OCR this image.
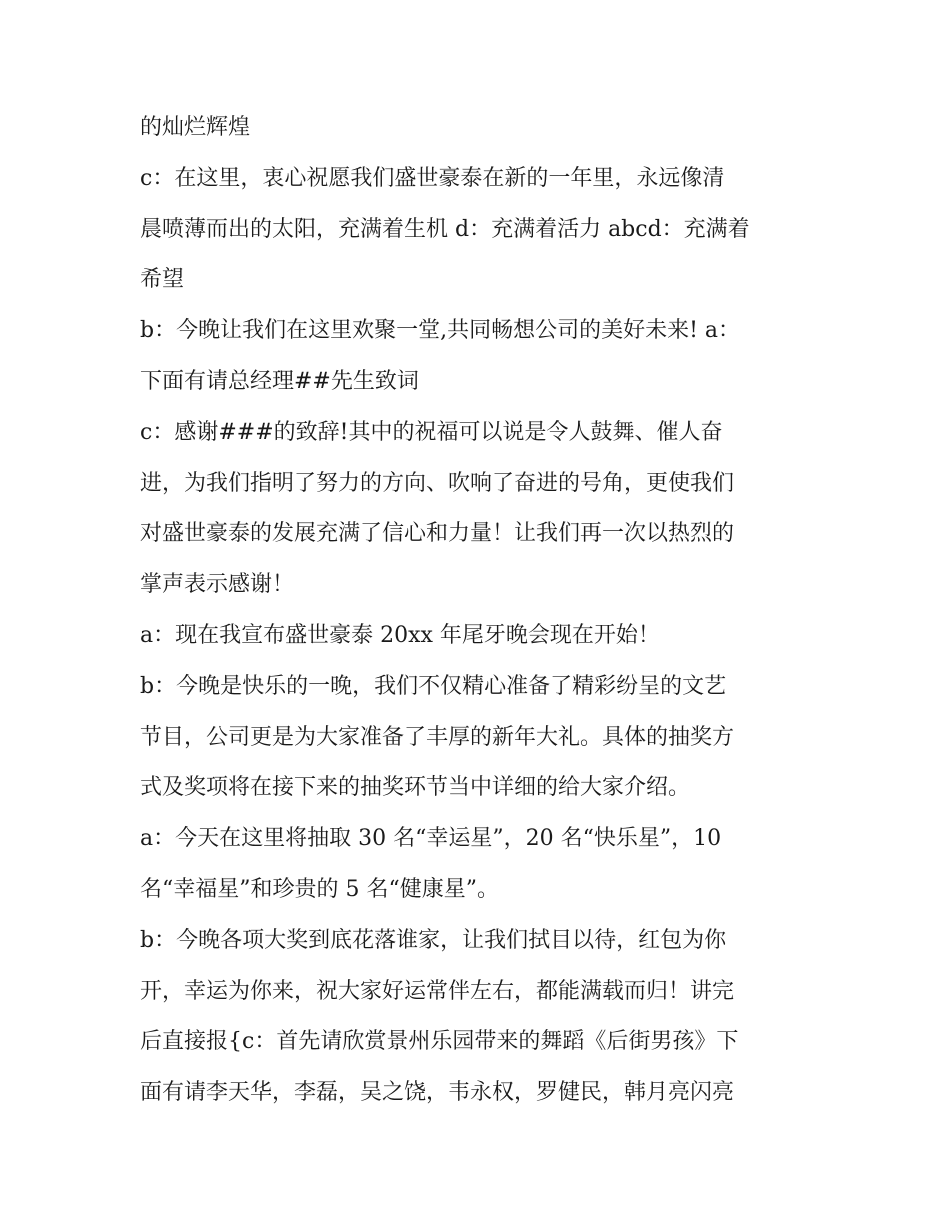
的灿烂辉煌
c：在这里，衷心祝愿我们盛世豪泰在新的一年里，永远像清
晨喷薄而出的太阳，充满着生机 d：充满着活力 abcd：充满着
希望
b：今晚让我们在这里欢聚一堂,共同畅想公司的美好未来! a：
下面有请总经理##先生致词
c：感谢###的致辞!其中的祝福可以说是令人鼓舞、催人奋
进，为我们指明了努力的方向、吹响了奋进的号角，更使我们
对盛世豪泰的发展充满了信心和力量！让我们再一次以热烈的
掌声表示感谢！
a：现在我宣布盛世豪泰 20xx 年尾牙晚会现在开始！
b：今晚是快乐的一晚，我们不仅精心准备了精彩纷呈的文艺
节目，公司更是为大家准备了丰厚的新年大礼。具体的抽奖方
式及奖项将在接下来的抽奖环节当中详细的给大家介绍。
a：今天在这里将抽取 30 名“幸运星”，20 名“快乐星”，10
名“幸福星”和珍贵的 5 名“健康星”。
b：今晚各项大奖到底花落谁家，让我们拭目以待，红包为你
开，幸运为你来，祝大家好运常伴左右，都能满载而归！讲完
后直接报{c：首先请欣赏景州乐园带来的舞蹈《后街男孩》下
面有请李天华，李磊，吴之饶，韦永权，罗健民，韩月亮闪亮
